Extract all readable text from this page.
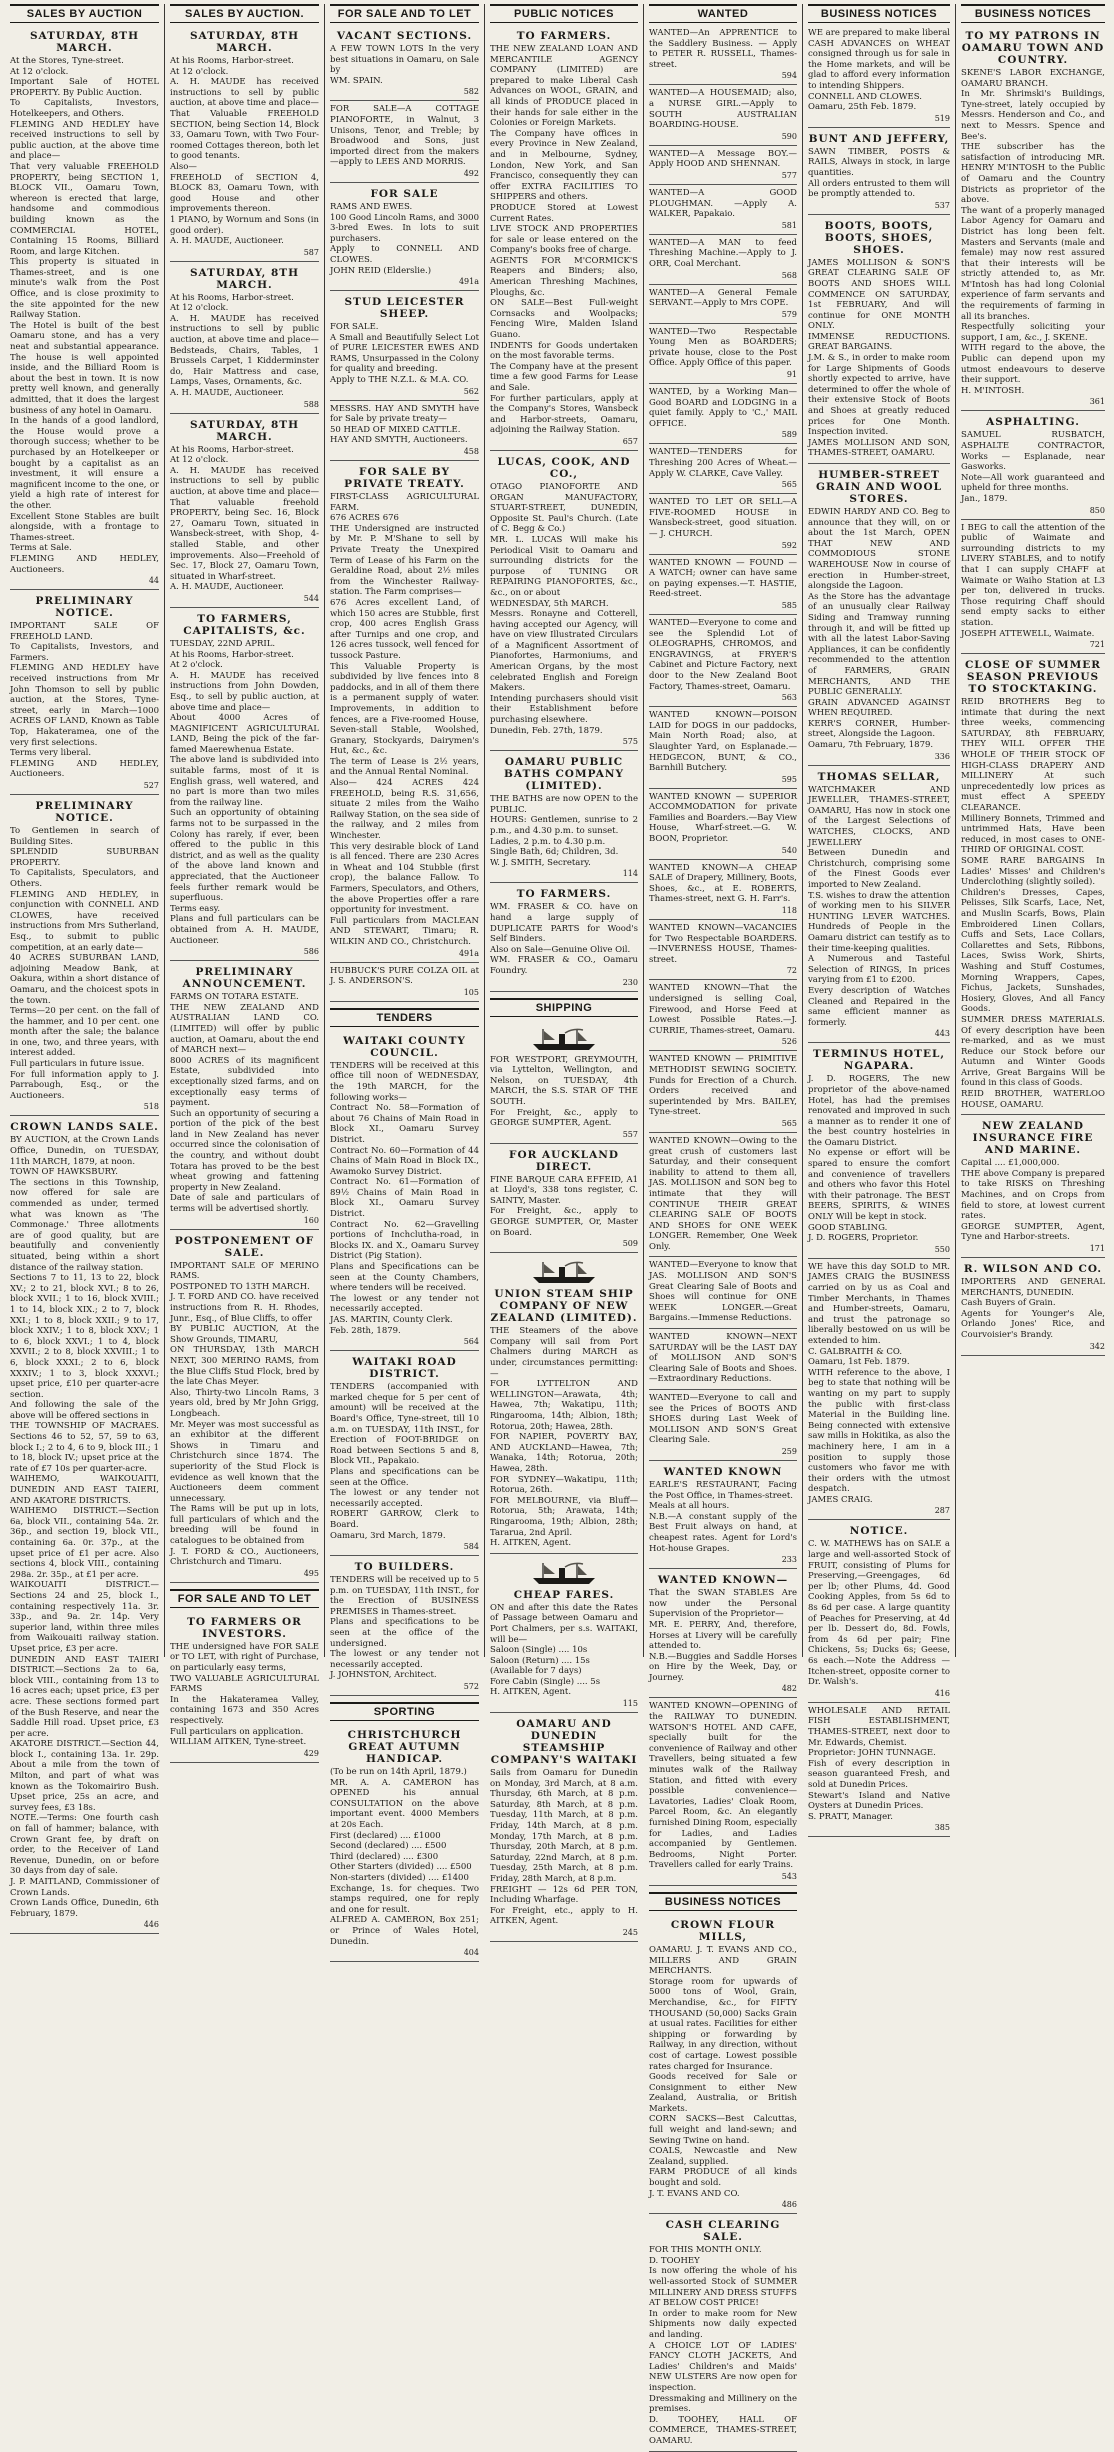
SALES BY AUCTION
SATURDAY, 8TH MARCH.

At the Stores, Tyne-street.

At 12 o'clock.

Important Sale of HOTEL PROPERTY. By Public Auction.

To Capitalists, Investors, Hotelkeepers, and Others.

FLEMING AND HEDLEY have received instructions to sell by public auction, at the above time and place—

That very valuable FREEHOLD PROPERTY, being SECTION 1, BLOCK VII., Oamaru Town, whereon is erected that large, handsome and commodious building known as the COMMERCIAL HOTEL, Containing 15 Rooms, Billiard Room, and large Kitchen.

This property is situated in Thames-street, and is one minute's walk from the Post Office, and is close proximity to the site appointed for the new Railway Station.

The Hotel is built of the best Oamaru stone, and has a very neat and substantial appearance. The house is well appointed inside, and the Billiard Room is about the best in town. It is now pretty well known, and generally admitted, that it does the largest business of any hotel in Oamaru.

In the hands of a good landlord, the House would prove a thorough success; whether to be purchased by an Hotelkeeper or bought by a capitalist as an investment, it will ensure a magnificent income to the one, or yield a high rate of interest for the other.

Excellent Stone Stables are built alongside, with a frontage to Thames-street.

Terms at Sale.

FLEMING AND HEDLEY, Auctioneers.

44
PRELIMINARY NOTICE.

IMPORTANT SALE OF FREEHOLD LAND.

To Capitalists, Investors, and Farmers.

FLEMING AND HEDLEY have received instructions from Mr John Thomson to sell by public auction, at the Stores, Tyne-street, early in March—1000 ACRES OF LAND, Known as Table Top, Hakateramea, one of the very first selections.

Terms very liberal.

FLEMING AND HEDLEY, Auctioneers.

527
PRELIMINARY NOTICE.

To Gentlemen in search of Building Sites.

SPLENDID SUBURBAN PROPERTY.

To Capitalists, Speculators, and Others.

FLEMING AND HEDLEY, in conjunction with CONNELL AND CLOWES, have received instructions from Mrs Sutherland, Esq., to submit to public competition, at an early date—

40 ACRES SUBURBAN LAND, adjoining Meadow Bank, at Oakura, within a short distance of Oamaru, and the choicest spots in the town.

Terms—20 per cent. on the fall of the hammer, and 10 per cent. one month after the sale; the balance in one, two, and three years, with interest added.

Full particulars in future issue.

For full information apply to J. Parrabough, Esq., or the Auctioneers.

518
CROWN LANDS SALE.

BY AUCTION, at the Crown Lands Office, Dunedin, on TUESDAY, 11th MARCH, 1879, at noon.

TOWN OF HAWKSBURY.

The sections in this Township, now offered for sale are commended as under, termed what was known as 'The Commonage.' Three allotments are of good quality, but are beautifully and conveniently situated, being within a short distance of the railway station.

Sections 7 to 11, 13 to 22, block XV.; 2 to 21, block XVI.; 8 to 26, block XVII.; 1 to 16, block XVIII.; 1 to 14, block XIX.; 2 to 7, block XXI.; 1 to 8, block XXII.; 9 to 17, block XXIV.; 1 to 8, block XXV.; 1 to 6, block XXVI.; 1 to 4, block XXVII.; 2 to 8, block XXVIII.; 1 to 6, block XXXI.; 2 to 6, block XXXIV.; 1 to 3, block XXXVI.; upset price, £10 per quarter-acre section.

And following the sale of the above will be offered sections in

THE TOWNSHIP OF MACRAES. Sections 46 to 52, 57, 59 to 63, block I.; 2 to 4, 6 to 9, block III.; 1 to 18, block IV.; upset price at the rate of £7 10s per quarter-acre.

WAIHEMO, WAIKOUAITI, DUNEDIN AND EAST TAIERI, AND AKATORE DISTRICTS.

WAIHEMO DISTRICT.—Section 6a, block VII., containing 54a. 2r. 36p., and section 19, block VII., containing 6a. 0r. 37p., at the upset price of £1 per acre. Also sections 4, block VIII., containing 298a. 2r. 35p., at £1 per acre.

WAIKOUAITI DISTRICT.—Sections 24 and 25, block I., containing respectively 11a. 3r. 33p., and 9a. 2r. 14p. Very superior land, within three miles from Waikouaiti railway station. Upset price, £3 per acre.

DUNEDIN AND EAST TAIERI DISTRICT.—Sections 2a to 6a, block VIII., containing from 13 to 16 acres each; upset price, £3 per acre. These sections formed part of the Bush Reserve, and near the Saddle Hill road. Upset price, £3 per acre.

AKATORE DISTRICT.—Section 44, block I., containing 13a. 1r. 29p. About a mile from the town of Milton, and part of what was known as the Tokomairiro Bush. Upset price, 25s an acre, and survey fees, £3 18s.

NOTE.—Terms: One fourth cash on fall of hammer; balance, with Crown Grant fee, by draft on order, to the Receiver of Land Revenue, Dunedin, on or before 30 days from day of sale.

J. P. MAITLAND, Commissioner of Crown Lands.

Crown Lands Office, Dunedin, 6th February, 1879.

446
SALES BY AUCTION.
SATURDAY, 8TH MARCH.

At his Rooms, Harbor-street.

At 12 o'clock.

A. H. MAUDE has received instructions to sell by public auction, at above time and place—

That Valuable FREEHOLD SECTION, being Section 14, Block 33, Oamaru Town, with Two Four-roomed Cottages thereon, both let to good tenants.

Also—

FREEHOLD of SECTION 4, BLOCK 83, Oamaru Town, with good House and other improvements thereon.

1 PIANO, by Wornum and Sons (in good order).

A. H. MAUDE, Auctioneer.

587
SATURDAY, 8TH MARCH.

At his Rooms, Harbor-street.

At 12 o'clock.

A. H. MAUDE has received instructions to sell by public auction, at above time and place—

Bedsteads, Chairs, Tables, 1 Brussels Carpet, 1 Kidderminster do, Hair Mattress and case, Lamps, Vases, Ornaments, &c.

A. H. MAUDE, Auctioneer.

588
SATURDAY, 8TH MARCH.

At his Rooms, Harbor-street.

At 12 o'clock.

A. H. MAUDE has received instructions to sell by public auction, at above time and place—That valuable freehold PROPERTY, being Sec. 16, Block 27, Oamaru Town, situated in Wansbeck-street, with Shop, 4-stalled Stable, and other improvements. Also—Freehold of Sec. 17, Block 27, Oamaru Town, situated in Wharf-street.

A. H. MAUDE, Auctioneer.

544
TO FARMERS, CAPITALISTS, &c.

TUESDAY, 22ND APRIL.

At his Rooms, Harbor-street.

At 2 o'clock.

A. H. MAUDE has received instructions from John Dowden, Esq., to sell by public auction, at above time and place—

About 4000 Acres of MAGNIFICENT AGRICULTURAL LAND, Being the pick of the far-famed Maerewhenua Estate.

The above land is subdivided into suitable farms, most of it is English grass, well watered, and no part is more than two miles from the railway line.

Such an opportunity of obtaining farms not to be surpassed in the Colony has rarely, if ever, been offered to the public in this district, and as well as the quality of the above land known and appreciated, that the Auctioneer feels further remark would be superfluous.

Terms easy.

Plans and full particulars can be obtained from A. H. MAUDE, Auctioneer.

586
PRELIMINARY ANNOUNCEMENT.

FARMS ON TOTARA ESTATE.

THE NEW ZEALAND AND AUSTRALIAN LAND CO. (LIMITED) will offer by public auction, at Oamaru, about the end of MARCH next—

8000 ACRES of its magnificent Estate, subdivided into exceptionally sized farms, and on exceptionally easy terms of payment.

Such an opportunity of securing a portion of the pick of the best land in New Zealand has never occurred since the colonisation of the country, and without doubt Totara has proved to be the best wheat growing and fattening property in New Zealand.

Date of sale and particulars of terms will be advertised shortly.

160
POSTPONEMENT OF SALE.

IMPORTANT SALE OF MERINO RAMS.

POSTPONED TO 13TH MARCH.

J. T. FORD AND CO. have received instructions from R. H. Rhodes, Junr., Esq., of Blue Cliffs, to offer

BY PUBLIC AUCTION, At the Show Grounds, TIMARU,

ON THURSDAY, 13th MARCH NEXT, 300 MERINO RAMS, from the Blue Cliffs Stud Flock, bred by the late Chas Meyer.

Also, Thirty-two Lincoln Rams, 3 years old, bred by Mr John Grigg, Longbeach.

Mr. Meyer was most successful as an exhibitor at the different Shows in Timaru and Christchurch since 1874. The superiority of the Stud Flock is evidence as well known that the Auctioneers deem comment unnecessary.

The Rams will be put up in lots, full particulars of which and the breeding will be found in catalogues to be obtained from

J. T. FORD & CO., Auctioneers, Christchurch and Timaru.

495
FOR SALE AND TO LET
TO FARMERS OR INVESTORS.

THE undersigned have FOR SALE or TO LET, with right of Purchase, on particularly easy terms,

TWO VALUABLE AGRICULTURAL FARMS

In the Hakateramea Valley, containing 1673 and 350 Acres respectively.

Full particulars on application.

WILLIAM AITKEN, Tyne-street.

429
FOR SALE AND TO LET
VACANT SECTIONS.

A FEW TOWN LOTS In the very best situations in Oamaru, on Sale by

WM. SPAIN.

582

FOR SALE—A COTTAGE PIANOFORTE, in Walnut, 3 Unisons, Tenor, and Treble; by Broadwood and Sons, just imported direct from the makers—apply to LEES AND MORRIS.

492
FOR SALE

RAMS AND EWES.

100 Good Lincoln Rams, and 3000 3-bred Ewes. In lots to suit purchasers.

Apply to CONNELL AND CLOWES.

JOHN REID (Elderslie.)

491a
STUD LEICESTER SHEEP.

FOR SALE.

A Small and Beautifully Select Lot of PURE LEICESTER EWES AND RAMS, Unsurpassed in the Colony for quality and breeding.

Apply to THE N.Z.L. & M.A. CO.

562

MESSRS. HAY AND SMYTH have for Sale by private treaty—

50 HEAD OF MIXED CATTLE.

HAY AND SMYTH, Auctioneers.

458
FOR SALE BY PRIVATE TREATY.

FIRST-CLASS AGRICULTURAL FARM.

676 ACRES 676

THE Undersigned are instructed by Mr. P. M'Shane to sell by Private Treaty the Unexpired Term of Lease of his Farm on the Geraldine Road, about 2½ miles from the Winchester Railway-station. The Farm comprises—

676 Acres excellent Land, of which 150 acres are Stubble, first crop, 400 acres English Grass after Turnips and one crop, and 126 acres tussock, well fenced for tussock Pasture.

This Valuable Property is subdivided by live fences into 8 paddocks, and in all of them there is a permanent supply of water. Improvements, in addition to fences, are a Five-roomed House, Seven-stall Stable, Woolshed, Granary, Stockyards, Dairymen's Hut, &c., &c.

The term of Lease is 2½ years, and the Annual Rental Nominal.

Also— 424 ACRES 424 FREEHOLD, being R.S. 31,656, situate 2 miles from the Waiho Railway Station, on the sea side of the railway, and 2 miles from Winchester.

This very desirable block of Land is all fenced. There are 230 Acres in Wheat and 104 Stubble (first crop), the balance Fallow. To Farmers, Speculators, and Others, the above Properties offer a rare opportunity for investment.

Full particulars from MACLEAN AND STEWART, Timaru; R. WILKIN AND CO., Christchurch.

491a

HUBBUCK'S PURE COLZA OIL at J. S. ANDERSON'S.

105
TENDERS
WAITAKI COUNTY COUNCIL.

TENDERS will be received at this office till noon of WEDNESDAY, the 19th MARCH, for the following works—

Contract No. 58—Formation of about 76 Chains of Main Road in Block XI., Oamaru Survey District.

Contract No. 60—Formation of 44 Chains of Main Road in Block IX., Awamoko Survey District.

Contract No. 61—Formation of 89½ Chains of Main Road in Block XI., Oamaru Survey District.

Contract No. 62—Gravelling portions of Inchclutha-road, in Blocks IX. and X., Oamaru Survey District (Pig Station).

Plans and Specifications can be seen at the County Chambers, where tenders will be received.

The lowest or any tender not necessarily accepted.

JAS. MARTIN, County Clerk.

Feb. 28th, 1879.

564
WAITAKI ROAD DISTRICT.

TENDERS (accompanied with marked cheque for 5 per cent of amount) will be received at the Board's Office, Tyne-street, till 10 a.m. on TUESDAY, 11th INST., for Erection of FOOT-BRIDGE on Road between Sections 5 and 8, Block VII., Papakaio.

Plans and specifications can be seen at the Office.

The lowest or any tender not necessarily accepted.

ROBERT GARROW, Clerk to Board.

Oamaru, 3rd March, 1879.

584
TO BUILDERS.

TENDERS will be received up to 5 p.m. on TUESDAY, 11th INST., for the Erection of BUSINESS PREMISES in Thames-street.

Plans and specifications to be seen at the office of the undersigned.

The lowest or any tender not necessarily accepted.

J. JOHNSTON, Architect.

572
SPORTING
CHRISTCHURCH GREAT AUTUMN HANDICAP.

(To be run on 14th April, 1879.)

MR. A. A. CAMERON has OPENED his annual CONSULTATION on the above important event. 4000 Members at 20s Each.

First (declared) .... £1000

Second (declared) .... £500

Third (declared) .... £300

Other Starters (divided) .... £500

Non-starters (divided) .... £1400

Exchange, 1s. for cheques. Two stamps required, one for reply and one for result.

ALFRED A. CAMERON, Box 251; or Prince of Wales Hotel, Dunedin.

404
PUBLIC NOTICES
TO FARMERS.

THE NEW ZEALAND LOAN AND MERCANTILE AGENCY COMPANY (LIMITED) are prepared to make Liberal Cash Advances on WOOL, GRAIN, and all kinds of PRODUCE placed in their hands for sale either in the Colonies or Foreign Markets.

The Company have offices in every Province in New Zealand, and in Melbourne, Sydney, London, New York, and San Francisco, consequently they can offer EXTRA FACILITIES TO SHIPPERS and others.

PRODUCE Stored at Lowest Current Rates.

LIVE STOCK AND PROPERTIES for sale or lease entered on the Company's books free of charge.

AGENTS FOR M'CORMICK'S Reapers and Binders; also, American Threshing Machines, Ploughs, &c.

ON SALE—Best Full-weight Cornsacks and Woolpacks; Fencing Wire, Malden Island Guano.

INDENTS for Goods undertaken on the most favorable terms.

The Company have at the present time a few good Farms for Lease and Sale.

For further particulars, apply at the Company's Stores, Wansbeck and Harbor-streets, Oamaru, adjoining the Railway Station.

657
LUCAS, COOK, AND CO.,

OTAGO PIANOFORTE AND ORGAN MANUFACTORY, STUART-STREET, DUNEDIN, Opposite St. Paul's Church. (Late of C. Begg & Co.)

MR. L. LUCAS Will make his Periodical Visit to Oamaru and surrounding districts for the purpose of TUNING OR REPAIRING PIANOFORTES, &c., &c., on or about

WEDNESDAY, 5th MARCH.

Messrs. Ronayne and Cotterell, having accepted our Agency, will have on view Illustrated Circulars of a Magnificent Assortment of Pianofortes, Harmoniums, and American Organs, by the most celebrated English and Foreign Makers.

Intending purchasers should visit their Establishment before purchasing elsewhere.

Dunedin, Feb. 27th, 1879.

575
OAMARU PUBLIC BATHS COMPANY (LIMITED).

THE BATHS are now OPEN to the PUBLIC.

HOURS: Gentlemen, sunrise to 2 p.m., and 4.30 p.m. to sunset.

Ladies, 2 p.m. to 4.30 p.m.

Single Bath, 6d; Children, 3d.

W. J. SMITH, Secretary.

114
TO FARMERS.

WM. FRASER & CO. have on hand a large supply of DUPLICATE PARTS for Wood's Self Binders.

Also on Sale—Genuine Olive Oil.

WM. FRASER & CO., Oamaru Foundry.

230
SHIPPING

FOR WESTPORT, GREYMOUTH, via Lyttelton, Wellington, and Nelson, on TUESDAY, 4th MARCH, the S.S. STAR OF THE SOUTH.

For Freight, &c., apply to GEORGE SUMPTER, Agent.

557
FOR AUCKLAND DIRECT.

FINE BARQUE CARA EFFEID, A1 at Lloyd's, 338 tons register, C. SAINTY, Master.

For Freight, &c., apply to GEORGE SUMPTER, Or, Master on Board.

509
UNION STEAM SHIP COMPANY OF NEW ZEALAND (LIMITED).

THE Steamers of the above Company will sail from Port Chalmers during MARCH as under, circumstances permitting:—

FOR LYTTELTON AND WELLINGTON—Arawata, 4th; Hawea, 7th; Wakatipu, 11th; Ringarooma, 14th; Albion, 18th; Rotorua, 20th; Hawea, 28th.

FOR NAPIER, POVERTY BAY, AND AUCKLAND—Hawea, 7th; Wanaka, 14th; Rotorua, 20th; Hawea, 28th.

FOR SYDNEY—Wakatipu, 11th; Rotorua, 26th.

FOR MELBOURNE, via Bluff—Rotorua, 5th; Arawata, 14th; Ringarooma, 19th; Albion, 28th; Tararua, 2nd April.

H. AITKEN, Agent.

CHEAP FARES.

ON and after this date the Rates of Passage between Oamaru and Port Chalmers, per s.s. WAITAKI, will be—

Saloon (Single) .... 10s

Saloon (Return) .... 15s

(Available for 7 days)

Fore Cabin (Single) .... 5s

H. AITKEN, Agent.

115
OAMARU AND DUNEDIN STEAMSHIP COMPANY'S WAITAKI

Sails from Oamaru for Dunedin on Monday, 3rd March, at 8 a.m. Thursday, 6th March, at 8 p.m. Saturday, 8th March, at 8 p.m. Tuesday, 11th March, at 8 p.m. Friday, 14th March, at 8 p.m. Monday, 17th March, at 8 p.m. Thursday, 20th March, at 8 p.m. Saturday, 22nd March, at 8 p.m. Tuesday, 25th March, at 8 p.m. Friday, 28th March, at 8 p.m.

FREIGHT — 12s 6d PER TON, Including Wharfage.

For Freight, etc., apply to H. AITKEN, Agent.

245
WANTED

WANTED—An APPRENTICE to the Saddlery Business. — Apply to PETER R. RUSSELL, Thames-street.

594

WANTED—A HOUSEMAID; also, a NURSE GIRL.—Apply to SOUTH AUSTRALIAN BOARDING-HOUSE.

590

WANTED—A Message BOY.—Apply HOOD AND SHENNAN.

577

WANTED—A GOOD PLOUGHMAN. —Apply A. WALKER, Papakaio.

581

WANTED—A MAN to feed Threshing Machine.—Apply to J. ORR, Coal Merchant.

568

WANTED—A General Female SERVANT.—Apply to Mrs COPE.

579

WANTED—Two Respectable Young Men as BOARDERS; private house, close to the Post Office. Apply Office of this paper.

91

WANTED, by a Working Man—Good BOARD and LODGING in a quiet family. Apply to 'C.,' MAIL OFFICE.

589

WANTED—TENDERS for Threshing 200 Acres of Wheat.—Apply W. CLARKE, Cave Valley.

565

WANTED TO LET OR SELL—A FIVE-ROOMED HOUSE in Wansbeck-street, good situation. — J. CHURCH.

592

WANTED KNOWN — FOUND — A WATCH; owner can have same on paying expenses.—T. HASTIE, Reed-street.

585

WANTED—Everyone to come and see the Splendid Lot of OLEOGRAPHS, CHROMOS, and ENGRAVINGS, at FRYER'S Cabinet and Picture Factory, next door to the New Zealand Boot Factory, Thames-street, Oamaru.

563

WANTED KNOWN—POISON LAID for DOGS in our paddocks, Main North Road; also, at Slaughter Yard, on Esplanade.—HEDGECON, BUNT, & CO., Barnhill Butchery.

595

WANTED KNOWN — SUPERIOR ACCOMMODATION for private Families and Boarders.—Bay View House, Wharf-street.—G. W. BOON, Proprietor.

540

WANTED KNOWN—A CHEAP SALE of Drapery, Millinery, Boots, Shoes, &c., at E. ROBERTS, Thames-street, next G. H. Farr's.

118

WANTED KNOWN—VACANCIES for Two Respectable BOARDERS.—INVERNESS HOUSE, Thames-street.

72

WANTED KNOWN—That the undersigned is selling Coal, Firewood, and Horse Feed at Lowest Possible Rates.—J. CURRIE, Thames-street, Oamaru.

526

WANTED KNOWN — PRIMITIVE METHODIST SEWING SOCIETY. Funds for Erection of a Church. Orders received and superintended by Mrs. BAILEY, Tyne-street.

565

WANTED KNOWN—Owing to the great crush of customers last Saturday, and their consequent inability to attend to them all, JAS. MOLLISON and SON beg to intimate that they will CONTINUE THEIR GREAT CLEARING SALE OF BOOTS AND SHOES for ONE WEEK LONGER. Remember, One Week Only.

WANTED—Everyone to know that JAS. MOLLISON AND SON'S Great Clearing Sale of Boots and Shoes will continue for ONE WEEK LONGER.—Great Bargains.—Immense Reductions.

WANTED KNOWN—NEXT SATURDAY will be the LAST DAY of MOLLISON AND SON'S Clearing Sale of Boots and Shoes.—Extraordinary Reductions.

WANTED—Everyone to call and see the Prices of BOOTS AND SHOES during Last Week of MOLLISON AND SON'S Great Clearing Sale.

259
WANTED KNOWN

EARLE'S RESTAURANT, Facing the Post Office, in Thames-street.

Meals at all hours.

N.B.—A constant supply of the Best Fruit always on hand, at cheapest rates. Agent for Lord's Hot-house Grapes.

233
WANTED KNOWN—

That the SWAN STABLES Are now under the Personal Supervision of the Proprietor—

MR. E. PERRY, And, therefore, Horses at Livery will be carefully attended to.

N.B.—Buggies and Saddle Horses on Hire by the Week, Day, or Journey.

482

WANTED KNOWN—OPENING of the RAILWAY TO DUNEDIN. WATSON'S HOTEL AND CAFE, specially built for the convenience of Railway and other Travellers, being situated a few minutes walk of the Railway Station, and fitted with every possible convenience—Lavatories, Ladies' Cloak Room, Parcel Room, &c. An elegantly furnished Dining Room, especially for Ladies, and Ladies accompanied by Gentlemen. Bedrooms, Night Porter. Travellers called for early Trains.

543
BUSINESS NOTICES
CROWN FLOUR MILLS,

OAMARU. J. T. EVANS AND CO., MILLERS AND GRAIN MERCHANTS.

Storage room for upwards of 5000 tons of Wool, Grain, Merchandise, &c., for FIFTY THOUSAND (50,000) Sacks Grain at usual rates. Facilities for either shipping or forwarding by Railway, in any direction, without cost of cartage. Lowest possible rates charged for Insurance.

Goods received for Sale or Consignment to either New Zealand, Australia, or British Markets.

CORN SACKS—Best Calcuttas, full weight and land-sewn; and Sewing Twine on hand.

COALS, Newcastle and New Zealand, supplied.

FARM PRODUCE of all kinds bought and sold.

J. T. EVANS AND CO.

486
CASH CLEARING SALE.

FOR THIS MONTH ONLY.

D. TOOHEY

Is now offering the whole of his well-assorted Stock of SUMMER MILLINERY AND DRESS STUFFS AT BELOW COST PRICE!

In order to make room for New Shipments now daily expected and landing.

A CHOICE LOT OF LADIES' FANCY CLOTH JACKETS, And Ladies' Children's and Maids' NEW ULSTERS Are now open for inspection.

Dressmaking and Millinery on the premises.

D. TOOHEY, HALL OF COMMERCE, THAMES-STREET, OAMARU.

BUSINESS NOTICES

WE are prepared to make liberal CASH ADVANCES on WHEAT consigned through us for sale in the Home markets, and will be glad to afford every information to intending Shippers.

CONNELL AND CLOWES.

Oamaru, 25th Feb. 1879.

519
BUNT AND JEFFERY,

SAWN TIMBER, POSTS & RAILS, Always in stock, in large quantities.

All orders entrusted to them will be promptly attended to.

537
BOOTS, BOOTS, BOOTS, SHOES, SHOES.

JAMES MOLLISON & SON'S GREAT CLEARING SALE OF BOOTS AND SHOES WILL COMMENCE ON SATURDAY, 1st FEBRUARY, And will continue for ONE MONTH ONLY.

IMMENSE REDUCTIONS. GREAT BARGAINS.

J.M. & S., in order to make room for Large Shipments of Goods shortly expected to arrive, have determined to offer the whole of their extensive Stock of Boots and Shoes at greatly reduced prices for One Month. Inspection invited.

JAMES MOLLISON AND SON, THAMES-STREET, OAMARU.

HUMBER-STREET GRAIN AND WOOL STORES.

EDWIN HARDY AND CO. Beg to announce that they will, on or about the 1st March, OPEN THAT NEW AND COMMODIOUS STONE WAREHOUSE Now in course of erection in Humber-street, alongside the Lagoon.

As the Store has the advantage of an unusually clear Railway Siding and Tramway running through it, and will be fitted up with all the latest Labor-Saving Appliances, it can be confidently recommended to the attention of FARMERS, GRAIN MERCHANTS, AND THE PUBLIC GENERALLY.

GRAIN ADVANCED AGAINST WHEN REQUIRED.

KERR'S CORNER, Humber-street, Alongside the Lagoon.

Oamaru, 7th February, 1879.

336
THOMAS SELLAR,

WATCHMAKER AND JEWELLER, THAMES-STREET, OAMARU, Has now in stock one of the Largest Selections of WATCHES, CLOCKS, AND JEWELLERY

Between Dunedin and Christchurch, comprising some of the Finest Goods ever imported to New Zealand.

T.S. wishes to draw the attention of working men to his SILVER HUNTING LEVER WATCHES. Hundreds of People in the Oamaru district can testify as to their time-keeping qualities.

A Numerous and Tasteful Selection of RINGS, In prices varying from £1 to £200.

Every description of Watches Cleaned and Repaired in the same efficient manner as formerly.

443
TERMINUS HOTEL, NGAPARA.

J. D. ROGERS, The new proprietor of the above-named Hotel, has had the premises renovated and improved in such a manner as to render it one of the best country hostelries in the Oamaru District.

No expense or effort will be spared to ensure the comfort and convenience of travellers and others who favor this Hotel with their patronage. The BEST BEERS, SPIRITS, & WINES ONLY Will be kept in stock.

GOOD STABLING.

J. D. ROGERS, Proprietor.

550

WE have this day SOLD to MR. JAMES CRAIG the BUSINESS carried on by us as Coal and Timber Merchants, in Thames and Humber-streets, Oamaru, and trust the patronage so liberally bestowed on us will be extended to him.

C. GALBRAITH & CO.

Oamaru, 1st Feb. 1879.

WITH reference to the above, I beg to state that nothing will be wanting on my part to supply the public with first-class Material in the Building line. Being connected with extensive saw mills in Hokitika, as also the machinery here, I am in a position to supply those customers who favor me with their orders with the utmost despatch.

JAMES CRAIG.

287
NOTICE.

C. W. MATHEWS has on SALE a large and well-assorted Stock of FRUIT, consisting of Plums for Preserving,—Greengages, 6d per lb; other Plums, 4d. Good Cooking Apples, from 5s 6d to 8s 6d per case. A large quantity of Peaches for Preserving, at 4d per lb. Dessert do, 8d. Fowls, from 4s 6d per pair; Fine Chickens, 5s; Ducks 6s; Geese, 6s each.—Note the Address — Itchen-street, opposite corner to Dr. Walsh's.

416

WHOLESALE AND RETAIL FISH ESTABLISHMENT, THAMES-STREET, next door to Mr. Edwards, Chemist.

Proprietor: JOHN TUNNAGE.

Fish of every description in season guaranteed Fresh, and sold at Dunedin Prices.

Stewart's Island and Native Oysters at Dunedin Prices.

S. PRATT, Manager.

385
BUSINESS NOTICES
TO MY PATRONS IN OAMARU TOWN AND COUNTRY.

SKENE'S LABOR EXCHANGE, OAMARU BRANCH.

In Mr. Shrimski's Buildings, Tyne-street, lately occupied by Messrs. Henderson and Co., and next to Messrs. Spence and Bee's.

THE subscriber has the satisfaction of introducing MR. HENRY M'INTOSH to the Public of Oamaru and the Country Districts as proprietor of the above.

The want of a properly managed Labor Agency for Oamaru and District has long been felt. Masters and Servants (male and female) may now rest assured that their interests will be strictly attended to, as Mr. M'Intosh has had long Colonial experience of farm servants and the requirements of farming in all its branches.

Respectfully soliciting your support, I am, &c., J. SKENE.

WITH regard to the above, the Public can depend upon my utmost endeavours to deserve their support.

H. M'INTOSH.

361
ASPHALTING.

SAMUEL RUSBATCH, ASPHALTE CONTRACTOR, Works — Esplanade, near Gasworks.

Note—All work guaranteed and upheld for three months.

Jan., 1879.

850

I BEG to call the attention of the public of Waimate and surrounding districts to my LIVERY STABLES, and to notify that I can supply CHAFF at Waimate or Waiho Station at L3 per ton, delivered in trucks. Those requiring Chaff should send empty sacks to either station.

JOSEPH ATTEWELL, Waimate.

721
CLOSE OF SUMMER SEASON PREVIOUS TO STOCKTAKING.

REID BROTHERS Beg to intimate that during the next three weeks, commencing SATURDAY, 8th FEBRUARY, THEY WILL OFFER THE WHOLE OF THEIR STOCK OF HIGH-CLASS DRAPERY AND MILLINERY At such unprecedentedly low prices as must effect A SPEEDY CLEARANCE.

Millinery Bonnets, Trimmed and untrimmed Hats, Have been reduced, in most cases to ONE-THIRD OF ORIGINAL COST.

SOME RARE BARGAINS In Ladies' Misses' and Children's Underclothing (slightly soiled).

Children's Dresses, Capes, Pelisses, Silk Scarfs, Lace, Net, and Muslin Scarfs, Bows, Plain Embroidered Linen Collars, Cuffs and Sets, Lace Collars, Collarettes and Sets, Ribbons, Laces, Swiss Work, Shirts, Washing and Stuff Costumes, Morning Wrappers, Capes, Fichus, Jackets, Sunshades, Hosiery, Gloves, And all Fancy Goods.

SUMMER DRESS MATERIALS. Of every description have been re-marked, and as we must Reduce our Stock before our Autumn and Winter Goods Arrive, Great Bargains Will be found in this class of Goods.

REID BROTHER, WATERLOO HOUSE, OAMARU.

NEW ZEALAND INSURANCE FIRE AND MARINE.

Capital .... £1,000,000.

THE above Company is prepared to take RISKS on Threshing Machines, and on Crops from field to store, at lowest current rates.

GEORGE SUMPTER, Agent, Tyne and Harbor-streets.

171
R. WILSON AND CO.

IMPORTERS AND GENERAL MERCHANTS, DUNEDIN.

Cash Buyers of Grain.

Agents for Younger's Ale, Orlando Jones' Rice, and Courvoisier's Brandy.

342
